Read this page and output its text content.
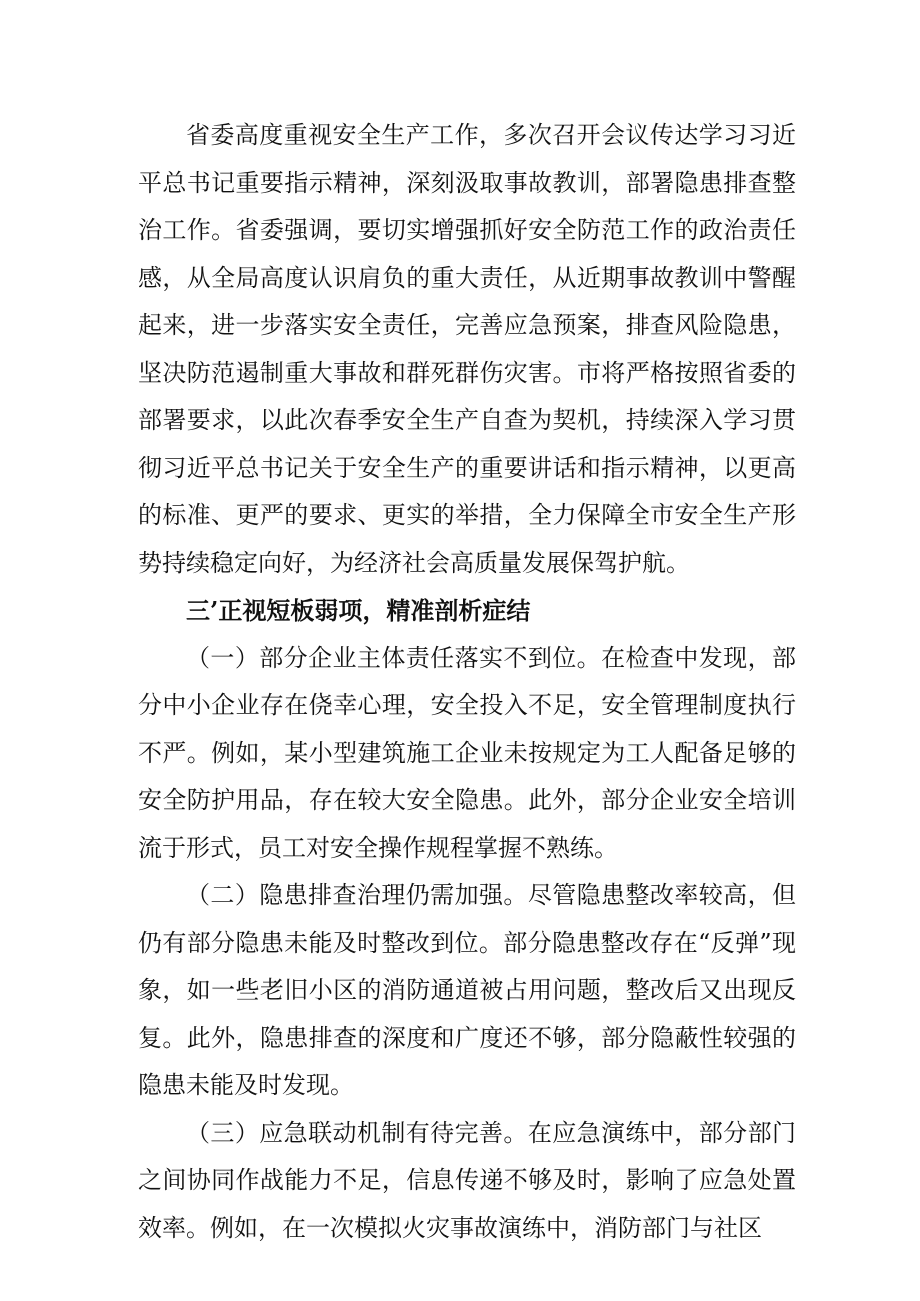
省委高度重视安全生产工作，多次召开会议传达学习习近平总书记重要指示精神，深刻汲取事故教训，部署隐患排查整治工作。省委强调，要切实增强抓好安全防范工作的政治责任感，从全局高度认识肩负的重大责任，从近期事故教训中警醒起来，进一步落实安全责任，完善应急预案，排查风险隐患，坚决防范遏制重大事故和群死群伤灾害。市将严格按照省委的部署要求，以此次春季安全生产自查为契机，持续深入学习贯彻习近平总书记关于安全生产的重要讲话和指示精神，以更高的标准、更严的要求、更实的举措，全力保障全市安全生产形势持续稳定向好，为经济社会高质量发展保驾护航。

三’正视短板弱项，精准剖析症结

（一）部分企业主体责任落实不到位。在检查中发现，部分中小企业存在侥幸心理，安全投入不足，安全管理制度执行不严。例如，某小型建筑施工企业未按规定为工人配备足够的安全防护用品，存在较大安全隐患。此外，部分企业安全培训流于形式，员工对安全操作规程掌握不熟练。

（二）隐患排查治理仍需加强。尽管隐患整改率较高，但仍有部分隐患未能及时整改到位。部分隐患整改存在“反弹”现象，如一些老旧小区的消防通道被占用问题，整改后又出现反复。此外，隐患排查的深度和广度还不够，部分隐蔽性较强的隐患未能及时发现。

（三）应急联动机制有待完善。在应急演练中，部分部门之间协同作战能力不足，信息传递不够及时，影响了应急处置效率。例如，在一次模拟火灾事故演练中，消防部门与社区
